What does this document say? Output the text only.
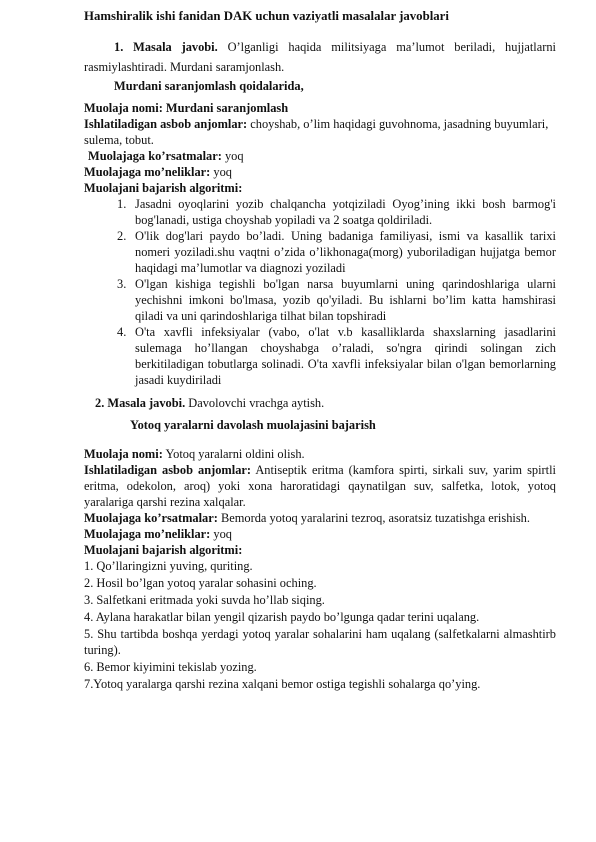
Hamshiralik ishi fanidan DAK uchun vaziyatli masalalar javoblari

1. Masala javobi. O’lganligi haqida militsiyaga ma’lumot beriladi, hujjatlarni rasmiylashtiradi. Murdani saramjonlash.

Murdani saranjomlash qoidalarida,

Muolaja nomi: Murdani saranjomlash

Ishlatiladigan asbob anjomlar: choyshab, o’lim haqidagi guvohnoma, jasadning buyumlari, sulema, tobut.

Muolajaga ko’rsatmalar: yoq

Muolajaga mo’neliklar: yoq

Muolajani bajarish algoritmi:

1. Jasadni oyoqlarini yozib chalqancha yotqiziladi Oyog’ining ikki bosh barmog'i bog'lanadi, ustiga choyshab yopiladi va 2 soatga qoldiriladi.
2. O'lik dog'lari paydo bo’ladi. Uning badaniga familiyasi, ismi va kasallik tarixi nomeri yoziladi.shu vaqtni o’zida o’likhonaga(morg) yuboriladigan hujjatga bemor haqidagi ma’lumotlar va diagnozi yoziladi
3. O'lgan kishiga tegishli bo'lgan narsa buyumlarni uning qarindoshlariga ularni yechishni imkoni bo'lmasa, yozib qo'yiladi. Bu ishlarni bo’lim katta hamshirasi qiladi va uni qarindoshlariga tilhat bilan topshiradi
4. O'ta xavfli infeksiyalar (vabo, o'lat v.b kasalliklarda shaxslarning jasadlarini sulemaga ho’llangan choyshabga o’raladi, so'ngra qirindi solingan zich berkitiladigan tobutlarga solinadi. O'ta xavfli infeksiyalar bilan o'lgan bemorlarning jasadi kuydiriladi

2. Masala javobi. Davolovchi vrachga aytish.

Yotoq yaralarni davolash muolajasini bajarish

Muolaja nomi: Yotoq yaralarni oldini olish.

Ishlatiladigan asbob anjomlar: Antiseptik eritma (kamfora spirti, sirkali suv, yarim spirtli eritma, odekolon, aroq) yoki xona haroratidagi qaynatilgan suv, salfetka, lotok, yotoq yaralariga qarshi rezina xalqalar.

Muolajaga ko’rsatmalar: Bemorda yotoq yaralarini tezroq, asoratsiz tuzatishga erishish.

Muolajaga mo’neliklar: yoq

Muolajani bajarish algoritmi:

1. Qo’llaringizni yuving, quriting.

2. Hosil bo’lgan yotoq yaralar sohasini oching.

3. Salfetkani eritmada yoki suvda ho’llab siqing.

4. Aylana harakatlar bilan yengil qizarish paydo bo’lgunga qadar terini uqalang.

5. Shu tartibda boshqa yerdagi yotoq yaralar sohalarini ham uqalang (salfetkalarni almashtirb turing).

6. Bemor kiyimini tekislab yozing.

7.Yotoq yaralarga qarshi rezina xalqani bemor ostiga tegishli sohalarga qo’ying.
